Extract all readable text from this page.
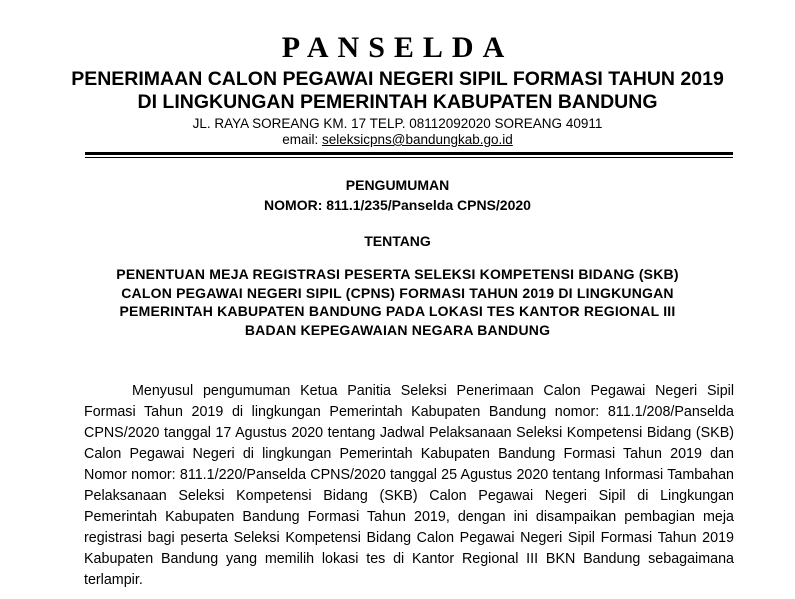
PANSELDA

PENERIMAAN CALON PEGAWAI NEGERI SIPIL FORMASI TAHUN 2019

DI LINGKUNGAN PEMERINTAH KABUPATEN BANDUNG

JL. RAYA SOREANG KM. 17 TELP. 08112092020 SOREANG 40911

email: seleksicpns@bandungkab.go.id

PENGUMUMAN
NOMOR: 811.1/235/Panselda CPNS/2020
TENTANG
PENENTUAN MEJA REGISTRASI PESERTA SELEKSI KOMPETENSI BIDANG (SKB)
CALON PEGAWAI NEGERI SIPIL (CPNS) FORMASI TAHUN 2019 DI LINGKUNGAN
PEMERINTAH KABUPATEN BANDUNG PADA LOKASI TES KANTOR REGIONAL III
BADAN KEPEGAWAIAN NEGARA BANDUNG

Menyusul pengumuman Ketua Panitia Seleksi Penerimaan Calon Pegawai Negeri Sipil Formasi Tahun 2019 di lingkungan Pemerintah Kabupaten Bandung nomor: 811.1/208/Panselda CPNS/2020 tanggal 17 Agustus 2020 tentang Jadwal Pelaksanaan Seleksi Kompetensi Bidang (SKB) Calon Pegawai Negeri di lingkungan Pemerintah Kabupaten Bandung Formasi Tahun 2019 dan Nomor nomor: 811.1/220/Panselda CPNS/2020 tanggal 25 Agustus 2020 tentang Informasi Tambahan Pelaksanaan Seleksi Kompetensi Bidang (SKB) Calon Pegawai Negeri Sipil di Lingkungan Pemerintah Kabupaten Bandung Formasi Tahun 2019, dengan ini disampaikan pembagian meja registrasi bagi peserta Seleksi Kompetensi Bidang Calon Pegawai Negeri Sipil Formasi Tahun 2019 Kabupaten Bandung yang memilih lokasi tes di Kantor Regional III BKN Bandung sebagaimana terlampir.
